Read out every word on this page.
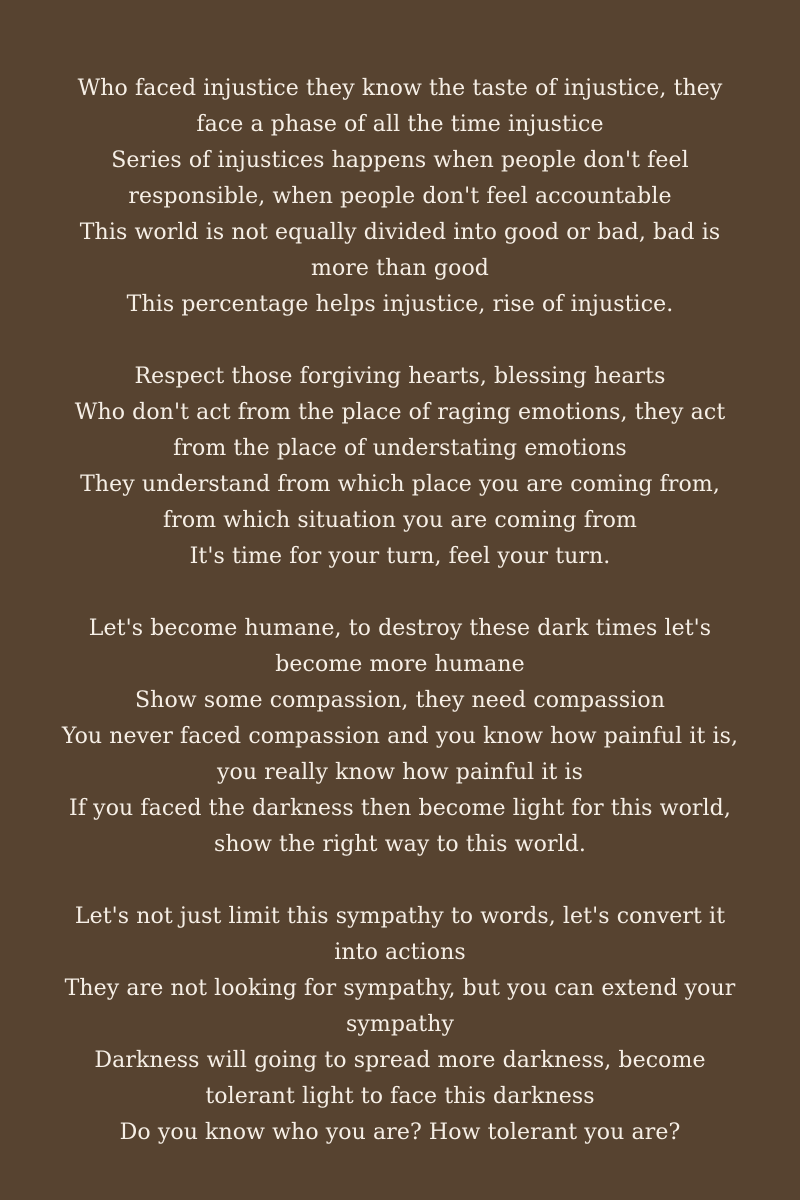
Who faced injustice they know the taste of injustice, they face a phase of all the time injustice

Series of injustices happens when people don't feel responsible, when people don't feel accountable

This world is not equally divided into good or bad, bad is more than good

This percentage helps injustice, rise of injustice.

Respect those forgiving hearts, blessing hearts

Who don't act from the place of raging emotions, they act from the place of understating emotions

They understand from which place you are coming from, from which situation you are coming from

It's time for your turn, feel your turn.

Let's become humane, to destroy these dark times let's become more humane

Show some compassion, they need compassion

You never faced compassion and you know how painful it is, you really know how painful it is

If you faced the darkness then become light for this world, show the right way to this world.

Let's not just limit this sympathy to words, let's convert it into actions

They are not looking for sympathy, but you can extend your sympathy

Darkness will going to spread more darkness, become tolerant light to face this darkness

Do you know who you are? How tolerant you are?
